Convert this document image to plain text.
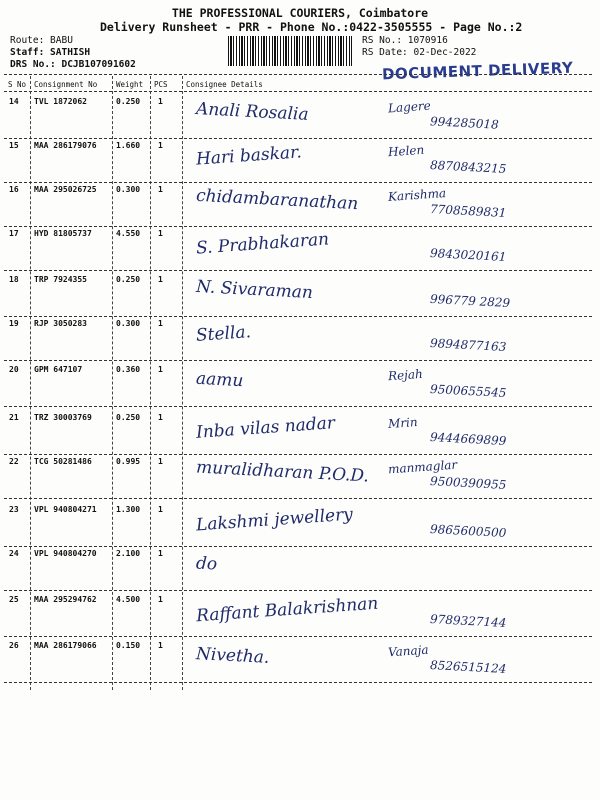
THE PROFESSIONAL COURIERS, Coimbatore
Delivery Runsheet - PRR - Phone No.:0422-3505555 - Page No.:2
Route: BABU
Staff: SATHISH
DRS No.: DCJB107091602
RS No.: 1070916
RS Date: 02-Dec-2022
DOCUMENT DELIVERY
S No Consignment No	Weight PCS Consignee Details
14 TVL 1872062	0.250 1 Anali Rosalia	Lagere
994285018
15 MAA 286179076 1.660 1 Hari baskar.	Helen
8870843215
16 MAA 295026725 0.300 1 chidambaranathan Karishma
7708589831
17 HYD 81805737	4.550 1 S. Prabhakaran	9843020161
18 TRP 7924355	0.250 1 N. Sivaraman	996779 2829
19 RJP 3050283	0.300 1 Stella.	9894877163
20 GPM 647107	0.360 1 aamu	Rejah
9500655545
21 TRZ 30003769	0.250 1 Inba vilas nadar	Mrin
9444669899
22 TCG 50281486	0.995 1 muralidharan P.O.D. manmaglar
9500390955
23 VPL 940804271 1.300 1 Lakshmi jewellery	9865600500
24 VPL 940804270 2.100 1 do
25 MAA 295294762 4.500 1 Raffant Balakrishnan	9789327144
26 MAA 286179066 0.150 1 Nivetha.	Vanaja
8526515124
